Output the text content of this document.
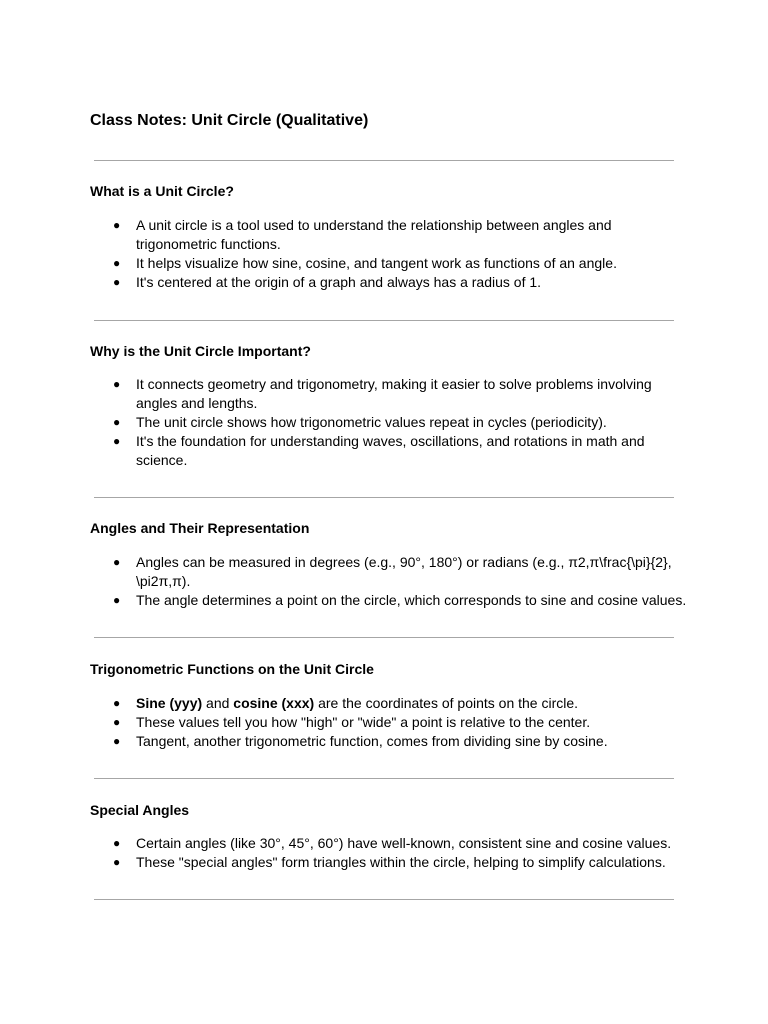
Class Notes: Unit Circle (Qualitative)
What is a Unit Circle?
● A unit circle is a tool used to understand the relationship between angles and trigonometric functions.
● It helps visualize how sine, cosine, and tangent work as functions of an angle.
● It's centered at the origin of a graph and always has a radius of 1.
Why is the Unit Circle Important?
● It connects geometry and trigonometry, making it easier to solve problems involving angles and lengths.
● The unit circle shows how trigonometric values repeat in cycles (periodicity).
● It's the foundation for understanding waves, oscillations, and rotations in math and science.
Angles and Their Representation
● Angles can be measured in degrees (e.g., 90°, 180°) or radians (e.g., π2,π\frac{\pi}{2}, \pi2π,π).
● The angle determines a point on the circle, which corresponds to sine and cosine values.
Trigonometric Functions on the Unit Circle
● Sine (yyy) and cosine (xxx) are the coordinates of points on the circle.
● These values tell you how "high" or "wide" a point is relative to the center.
● Tangent, another trigonometric function, comes from dividing sine by cosine.
Special Angles
● Certain angles (like 30°, 45°, 60°) have well-known, consistent sine and cosine values.
● These "special angles" form triangles within the circle, helping to simplify calculations.
